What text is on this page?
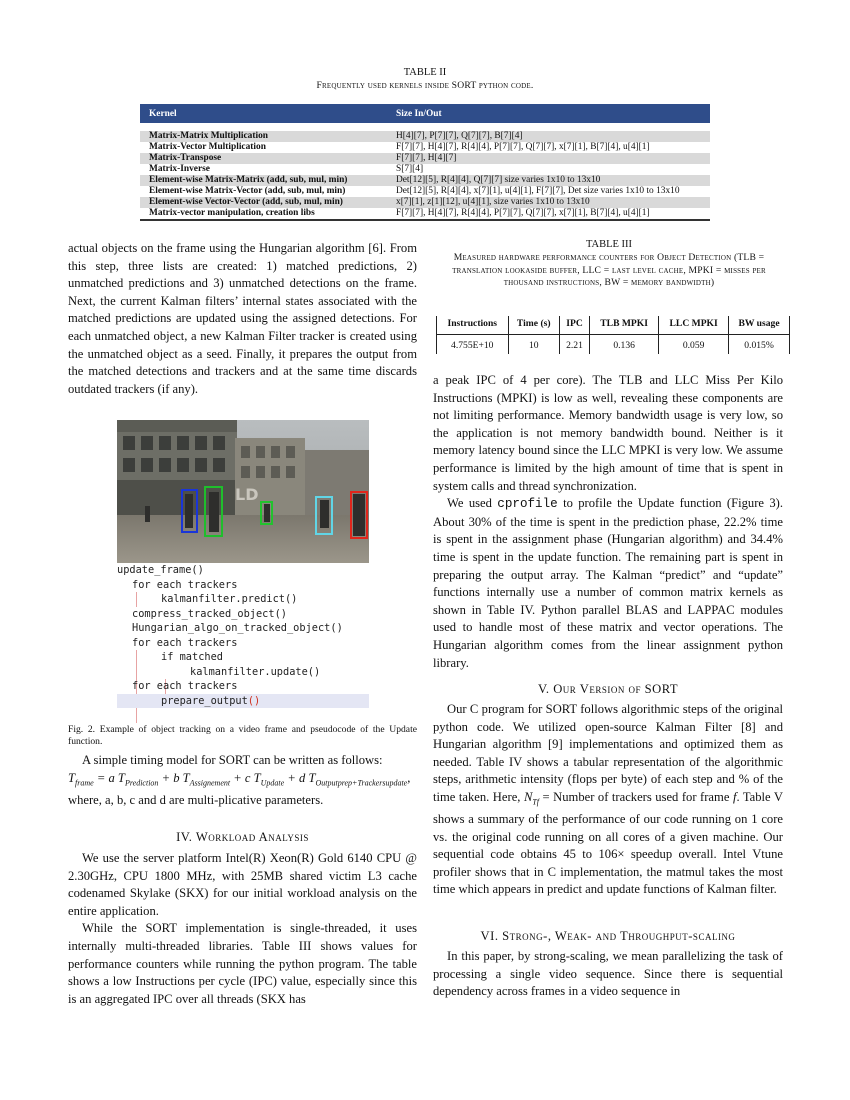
TABLE II
Frequently used kernels inside SORT python code.
Kernel	Size In/Out

Matrix-Matrix Multiplication	H[4][7], P[7][7], Q[7][7], B[7][4]
Matrix-Vector Multiplication	F[7][7], H[4][7], R[4][4], P[7][7], Q[7][7], x[7][1], B[7][4], u[4][1]
Matrix-Transpose	F[7][7], H[4][7]
Matrix-Inverse	S[7][4]
Element-wise Matrix-Matrix (add, sub, mul, min)	Det[12][5], R[4][4], Q[7][7] size varies 1x10 to 13x10
Element-wise Matrix-Vector (add, sub, mul, min)	Det[12][5], R[4][4], x[7][1], u[4][1], F[7][7], Det size varies 1x10 to 13x10
Element-wise Vector-Vector (add, sub, mul, min)	x[7][1], z[1][12], u[4][1], size varies 1x10 to 13x10
Matrix-vector manipulation, creation libs	F[7][7], H[4][7], R[4][4], P[7][7], Q[7][7], x[7][1], B[7][4], u[4][1]

actual objects on the frame using the Hungarian algorithm [6]. From this step, three lists are created: 1) matched predictions, 2) unmatched predictions and 3) unmatched detections on the frame. Next, the current Kalman filters’ internal states associated with the matched predictions are updated using the assigned detections. For each unmatched object, a new Kalman Filter tracker is created using the unmatched object as a seed. Finally, it prepares the output from the matched detections and trackers and at the same time discards outdated trackers (if any).

LD
update_frame()
for each trackers
kalmanfilter.predict()
compress_tracked_object()
Hungarian_algo_on_tracked_object()
for each trackers
if matched
kalmanfilter.update()
for each trackers
prepare_output()
Fig. 2. Example of object tracking on a video frame and pseudocode of the Update function.

A simple timing model for SORT can be written as follows:

$T_{frame} = a$ $T_{Prediction} + b$ $T_{Assignement} + c$ $T_{Update} + d$ $T_{Outputprep+Trackersupdate}$,

where, a, b, c and d are multi-plicative parameters.

IV. Workload Analysis

We use the server platform Intel(R) Xeon(R) Gold 6140 CPU @ 2.30GHz, CPU 1800 MHz, with 25MB shared victim L3 cache codenamed Skylake (SKX) for our initial workload analysis on the entire application.

While the SORT implementation is single-threaded, it uses internally multi-threaded libraries. Table III shows values for performance counters while running the python program. The table shows a low Instructions per cycle (IPC) value, especially since this is an aggregated IPC over all threads (SKX has

TABLE III
Measured hardware performance counters for Object Detection (TLB = translation lookaside buffer, LLC = last level cache, MPKI = misses per thousand instructions, BW = memory bandwidth)
Instructions	Time (s)	IPC	TLB MPKI	LLC MPKI	BW usage
4.755E+10	10	2.21	0.136	0.059	0.015%

a peak IPC of 4 per core). The TLB and LLC Miss Per Kilo Instructions (MPKI) is low as well, revealing these components are not limiting performance. Memory bandwidth usage is very low, so the application is not memory bandwidth bound. Neither is it memory latency bound since the LLC MPKI is very low. We assume performance is limited by the high amount of time that is spent in system calls and thread synchronization.

We used cprofile to profile the Update function (Figure 3). About 30% of the time is spent in the prediction phase, 22.2% time is spent in the assignment phase (Hungarian algorithm) and 34.4% time is spent in the update function. The remaining part is spent in preparing the output array. The Kalman “predict” and “update” functions internally use a number of common matrix kernels as shown in Table IV. Python parallel BLAS and LAPPAC modules used to handle most of these matrix and vector operations. The Hungarian algorithm comes from the linear assignment python library.

V. Our Version of SORT

Our C program for SORT follows algorithmic steps of the original python code. We utilized open-source Kalman Filter [8] and Hungarian algorithm [9] implementations and optimized them as needed. Table IV shows a tabular representation of the algorithmic steps, arithmetic intensity (flops per byte) of each step and % of the time taken. Here, $N_{Tf}$ = Number of trackers used for frame f. Table V shows a summary of the performance of our code running on 1 core vs. the original code running on all cores of a given machine. Our sequential code obtains 45 to 106× speedup overall. Intel Vtune profiler shows that in C implementation, the matmul takes the most time which appears in predict and update functions of Kalman filter.

VI. Strong-, Weak- and Throughput-scaling

In this paper, by strong-scaling, we mean parallelizing the task of processing a single video sequence. Since there is sequential dependency across frames in a video sequence in
